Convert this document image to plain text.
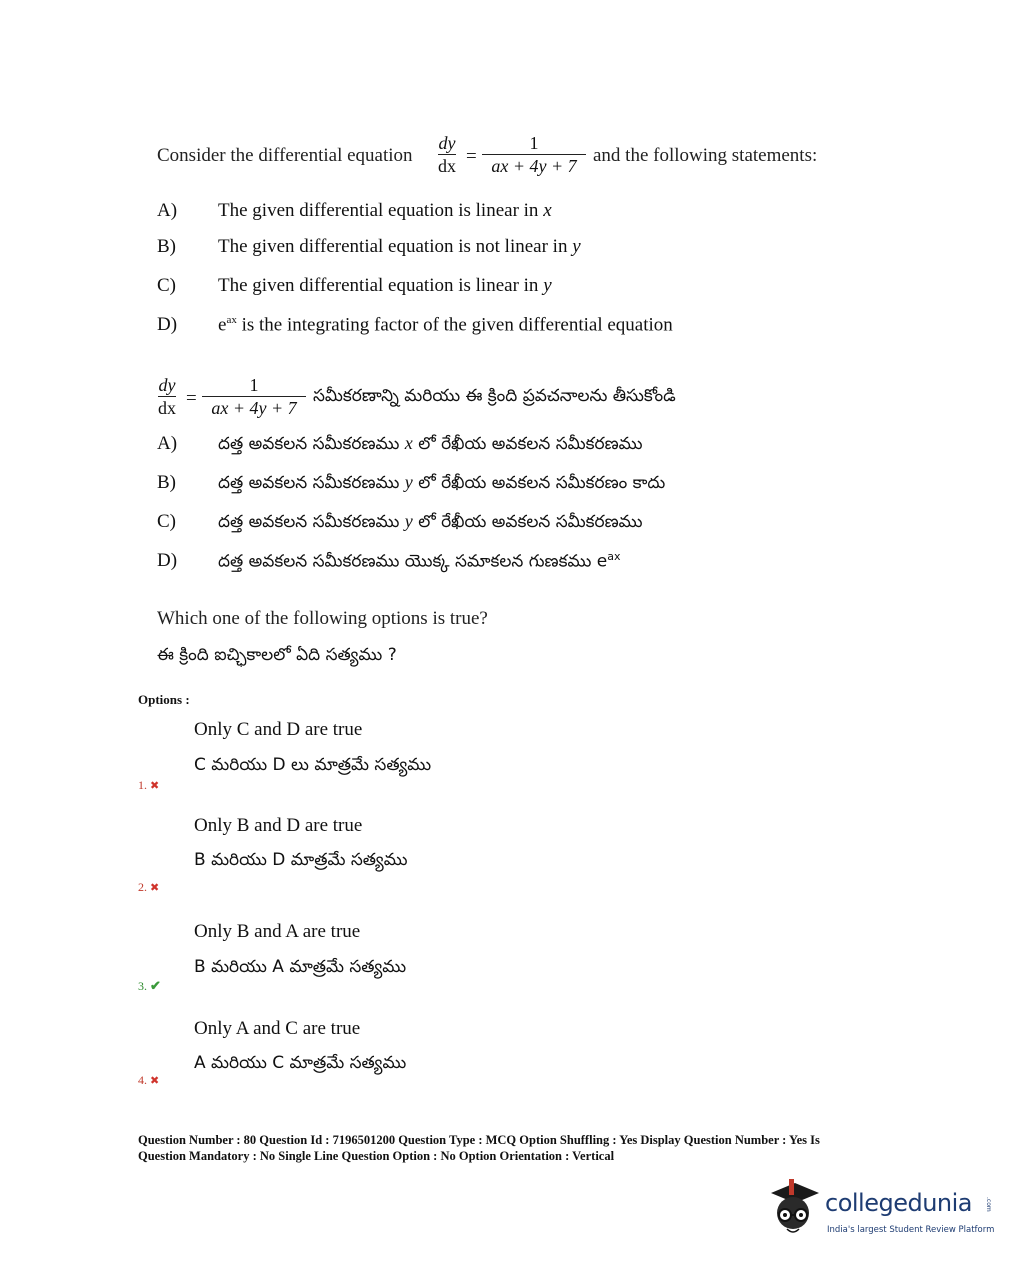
Consider the differential equation
dy
dx =
1
ax + 4y + 7 and the following statements:
A) The given differential equation is linear in x
B) The given differential equation is not linear in y
C) The given differential equation is linear in y
D) $e^{ax}$ is the integrating factor of the given differential equation
dy
dx =
1
ax + 4y + 7
సమీకరణాన్ని మరియు ఈ క్రింది ప్రవచనాలను తీసుకోండి
A) దత్త అవకలన సమీకరణము x లో రేఖీయ అవకలన సమీకరణము
B) దత్త అవకలన సమీకరణము y లో రేఖీయ అవకలన సమీకరణం కాదు
C) దత్త అవకలన సమీకరణము y లో రేఖీయ అవకలన సమీకరణము
D) దత్త అవకలన సమీకరణము యొక్క సమాకలన గుణకము $e^{ax}$
Which one of the following options is true?
ఈ క్రింది ఐచ్ఛికాలలో ఏది సత్యము ?
Options :
Only C and D are true
C మరియు D లు మాత్రమే సత్యము
1. ✖
Only B and D are true
B మరియు D మాత్రమే సత్యము
2. ✖
Only B and A are true
B మరియు A మాత్రమే సత్యము
3. ✔
Only A and C are true
A మరియు C మాత్రమే సత్యము
4. ✖
Question Number : 80 Question Id : 7196501200 Question Type : MCQ Option Shuffling : Yes Display Question Number : Yes Is
Question Mandatory : No Single Line Question Option : No Option Orientation : Vertical
collegedunia .com
India's largest Student Review Platform
